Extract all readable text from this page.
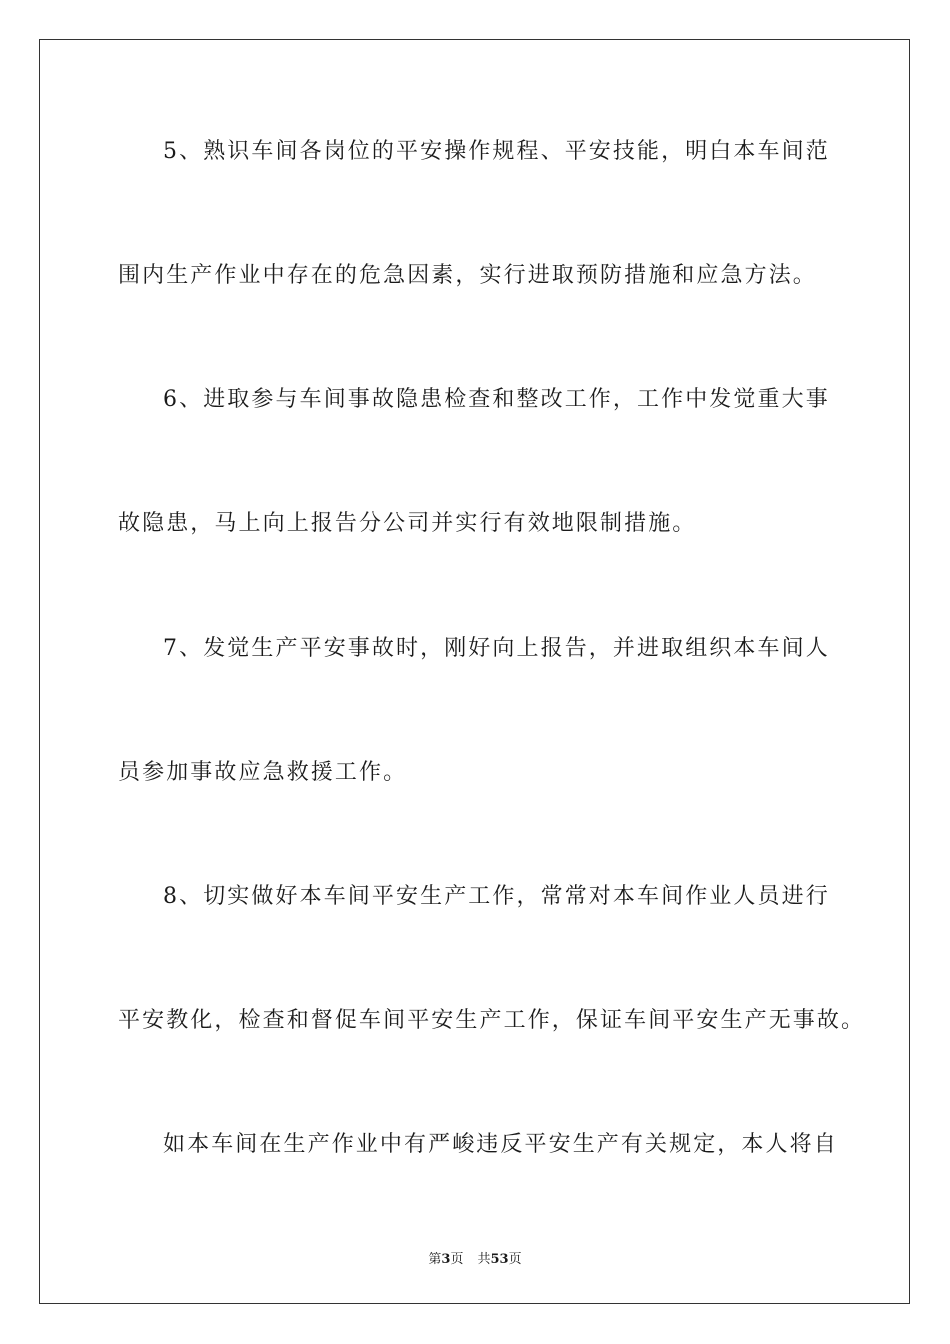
5、熟识车间各岗位的平安操作规程、平安技能，明白本车间范
围内生产作业中存在的危急因素，实行进取预防措施和应急方法。
6、进取参与车间事故隐患检查和整改工作，工作中发觉重大事
故隐患，马上向上报告分公司并实行有效地限制措施。
7、发觉生产平安事故时，刚好向上报告，并进取组织本车间人
员参加事故应急救援工作。
8、切实做好本车间平安生产工作，常常对本车间作业人员进行
平安教化，检查和督促车间平安生产工作，保证车间平安生产无事故。
如本车间在生产作业中有严峻违反平安生产有关规定，本人将自
第3页 共53页
